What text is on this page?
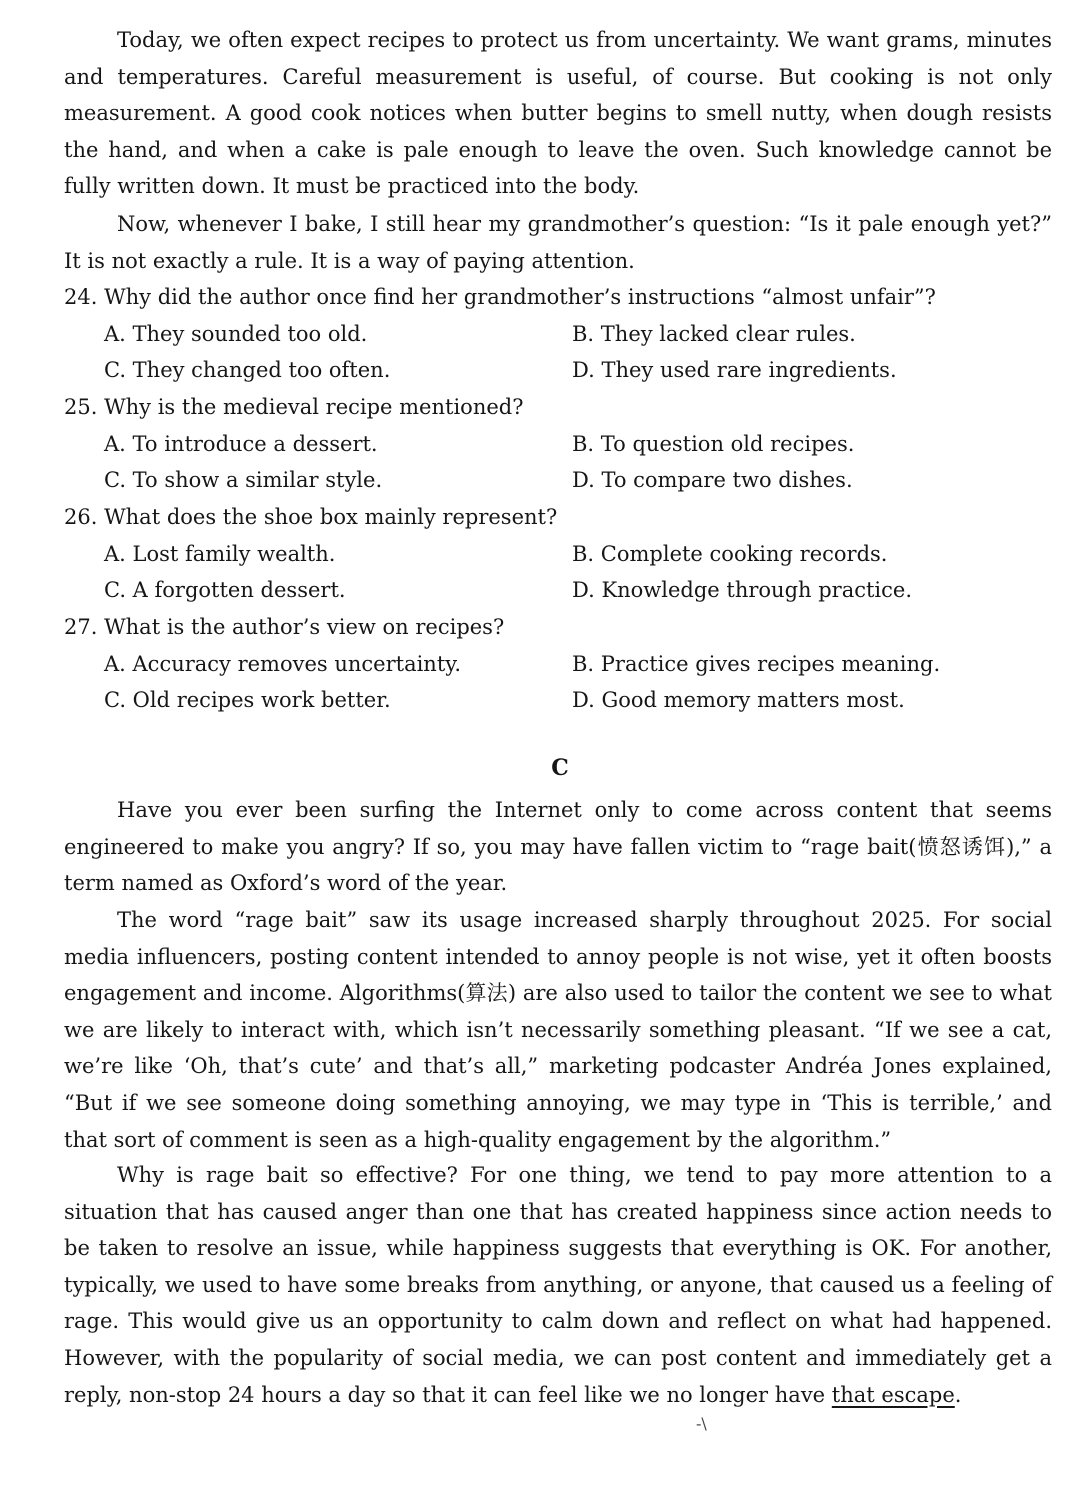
Today, we often expect recipes to protect us from uncertainty. We want grams, minutes and temperatures. Careful measurement is useful, of course. But cooking is not only measurement. A good cook notices when butter begins to smell nutty, when dough resists the hand, and when a cake is pale enough to leave the oven. Such knowledge cannot be fully written down. It must be practiced into the body.

Now, whenever I bake, I still hear my grandmother’s question: “Is it pale enough yet?” It is not exactly a rule. It is a way of paying attention.

24. Why did the author once find her grandmother’s instructions “almost unfair”?
A. They sounded too old.	B. They lacked clear rules.
C. They changed too often.	D. They used rare ingredients.
25. Why is the medieval recipe mentioned?
A. To introduce a dessert.	B. To question old recipes.
C. To show a similar style.	D. To compare two dishes.
26. What does the shoe box mainly represent?
A. Lost family wealth.	B. Complete cooking records.
C. A forgotten dessert.	D. Knowledge through practice.
27. What is the author’s view on recipes?
A. Accuracy removes uncertainty.	B. Practice gives recipes meaning.
C. Old recipes work better.	D. Good memory matters most.
C

Have you ever been surfing the Internet only to come across content that seems engineered to make you angry? If so, you may have fallen victim to “rage bait(愤怒诱饵),” a term named as Oxford’s word of the year.

The word “rage bait” saw its usage increased sharply throughout 2025. For social media influencers, posting content intended to annoy people is not wise, yet it often boosts engagement and income. Algorithms(算法) are also used to tailor the content we see to what we are likely to interact with, which isn’t necessarily something pleasant. “If we see a cat, we’re like ‘Oh, that’s cute’ and that’s all,” marketing podcaster Andréa Jones explained, “But if we see someone doing something annoying, we may type in ‘This is terrible,’ and that sort of comment is seen as a high-quality engagement by the algorithm.”

Why is rage bait so effective? For one thing, we tend to pay more attention to a situation that has caused anger than one that has created happiness since action needs to be taken to resolve an issue, while happiness suggests that everything is OK. For another, typically, we used to have some breaks from anything, or anyone, that caused us a feeling of rage. This would give us an opportunity to calm down and reflect on what had happened. However, with the popularity of social media, we can post content and immediately get a reply, non-stop 24 hours a day so that it can feel like we no longer have that escape.

-\
